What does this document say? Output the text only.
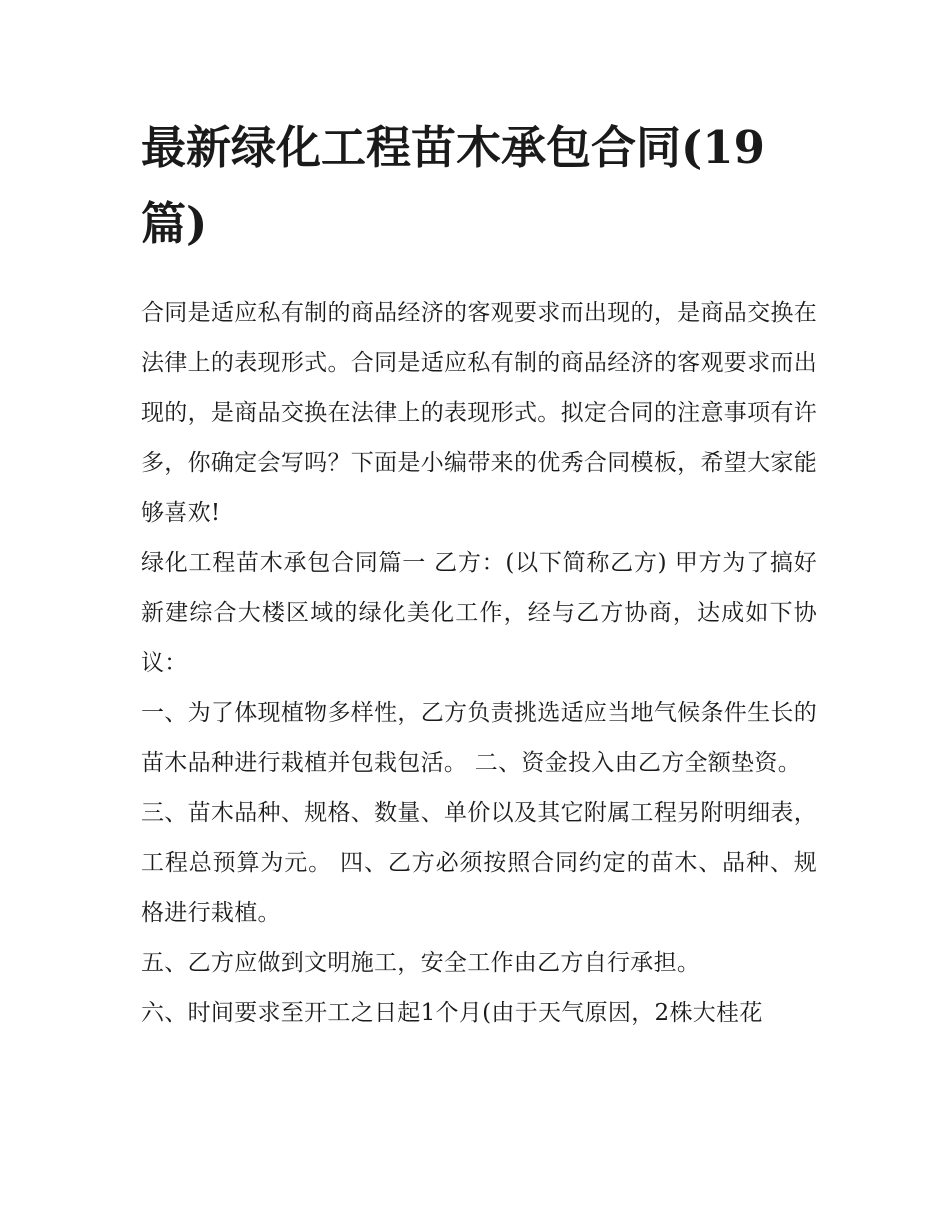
最新绿化工程苗木承包合同(19篇)

合同是适应私有制的商品经济的客观要求而出现的，是商品交换在法律上的表现形式。合同是适应私有制的商品经济的客观要求而出现的，是商品交换在法律上的表现形式。拟定合同的注意事项有许多，你确定会写吗？下面是小编带来的优秀合同模板，希望大家能够喜欢!

绿化工程苗木承包合同篇一 乙方：(以下简称乙方) 甲方为了搞好新建综合大楼区域的绿化美化工作，经与乙方协商，达成如下协议：

一、为了体现植物多样性，乙方负责挑选适应当地气候条件生长的苗木品种进行栽植并包栽包活。 二、资金投入由乙方全额垫资。

三、苗木品种、规格、数量、单价以及其它附属工程另附明细表，工程总预算为元。 四、乙方必须按照合同约定的苗木、品种、规格进行栽植。

五、乙方应做到文明施工，安全工作由乙方自行承担。

六、时间要求至开工之日起1个月(由于天气原因，2株大桂花
